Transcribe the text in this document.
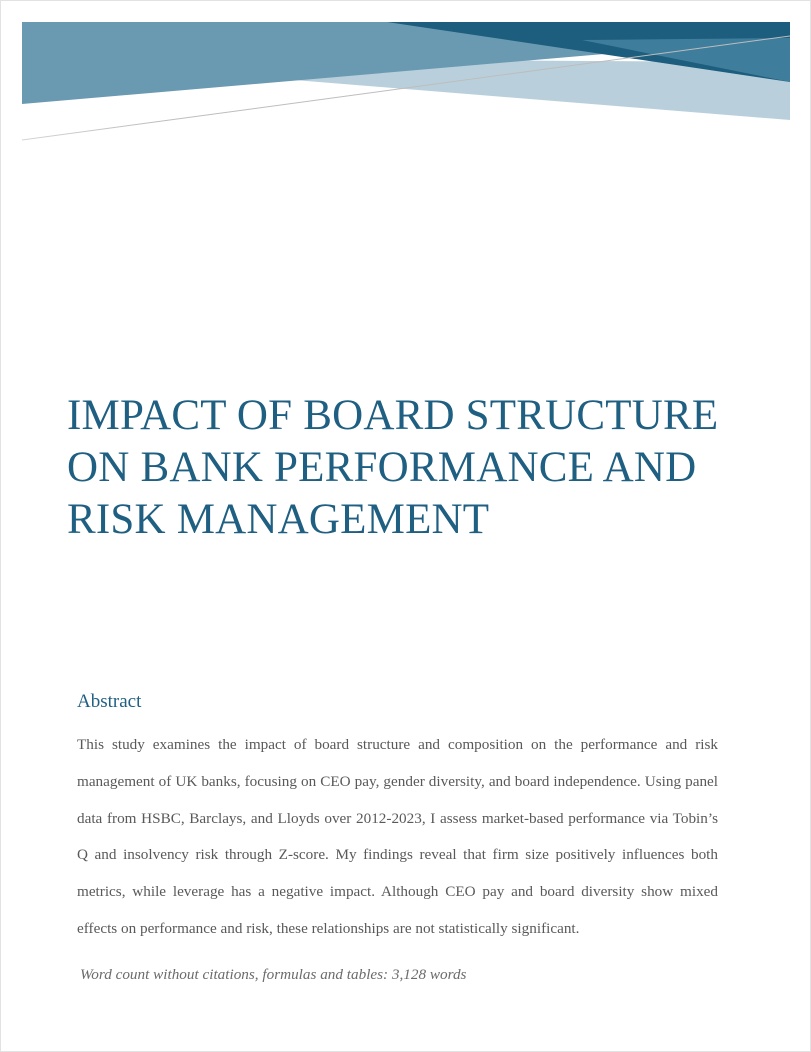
IMPACT OF BOARD STRUCTURE
ON BANK PERFORMANCE AND
RISK MANAGEMENT
Abstract

This study examines the impact of board structure and composition on the performance and risk management of UK banks, focusing on CEO pay, gender diversity, and board independence. Using panel data from HSBC, Barclays, and Lloyds over 2012-2023, I assess market-based performance via Tobin’s Q and insolvency risk through Z-score. My findings reveal that firm size positively influences both metrics, while leverage has a negative impact. Although CEO pay and board diversity show mixed effects on performance and risk, these relationships are not statistically significant.

Word count without citations, formulas and tables: 3,128 words
